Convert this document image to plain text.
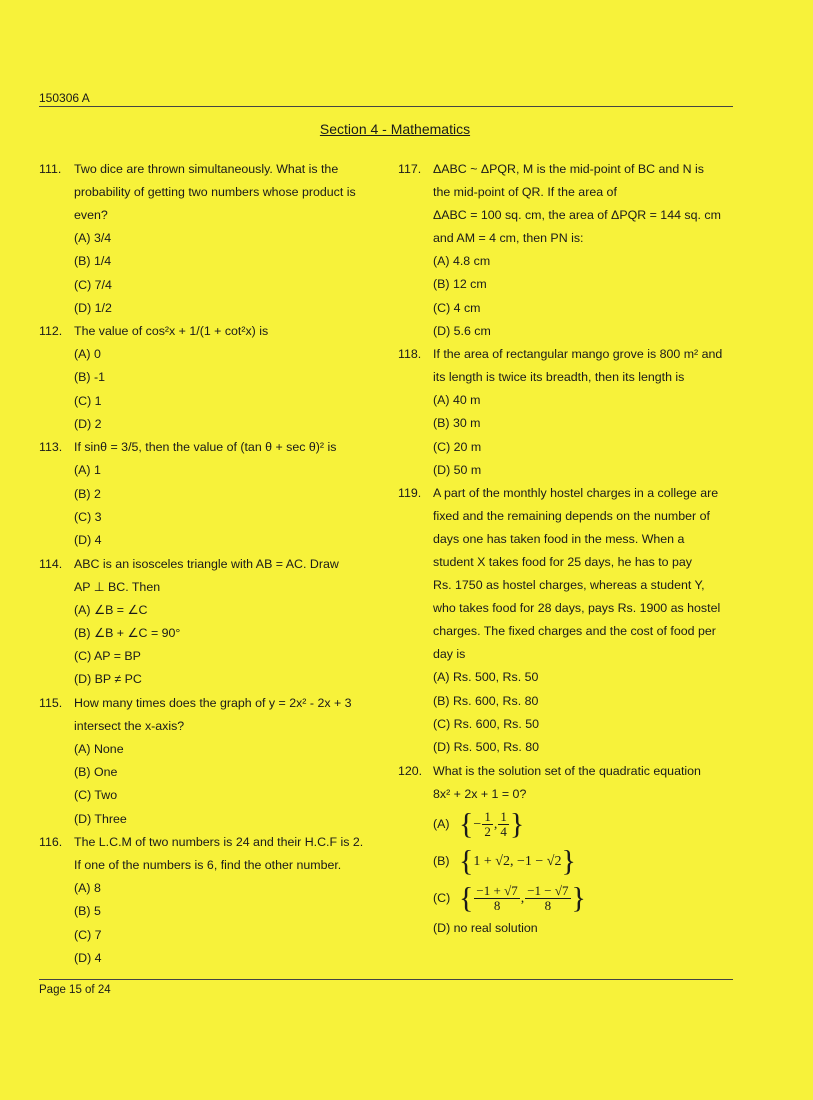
150306 A
Section 4 - Mathematics
111.	Two dice are thrown simultaneously. What is the
probability of getting two numbers whose product is
even?
(A) 3/4
(B) 1/4
(C) 7/4
(D) 1/2
112. The value of cos²x + 1/(1 + cot²x) is
(A) 0
(B) -1
(C) 1
(D) 2
113. If sinθ = 3/5, then the value of (tan θ + sec θ)² is
(A) 1
(B) 2
(C) 3
(D) 4
114. ABC is an isosceles triangle with AB = AC. Draw
AP ⊥ BC. Then
(A) ∠B = ∠C
(B) ∠B + ∠C = 90°
(C) AP = BP
(D) BP ≠ PC
115. How many times does the graph of y = 2x² - 2x + 3
intersect the x-axis?
(A) None
(B) One
(C) Two
(D) Three
116. The L.C.M of two numbers is 24 and their H.C.F is 2.
If one of the numbers is 6, find the other number.
(A) 8
(B) 5
(C) 7
(D) 4
117. ΔABC ~ ΔPQR, M is the mid-point of BC and N is
the mid-point of QR. If the area of
ΔABC = 100 sq. cm, the area of ΔPQR = 144 sq. cm
and AM = 4 cm, then PN is:
(A) 4.8 cm
(B) 12 cm
(C) 4 cm
(D) 5.6 cm
118. If the area of rectangular mango grove is 800 m² and
its length is twice its breadth, then its length is
(A) 40 m
(B) 30 m
(C) 20 m
(D) 50 m
119. A part of the monthly hostel charges in a college are
fixed and the remaining depends on the number of
days one has taken food in the mess. When a
student X takes food for 25 days, he has to pay
Rs. 1750 as hostel charges, whereas a student Y,
who takes food for 28 days, pays Rs. 1900 as hostel
charges. The fixed charges and the cost of food per
day is
(A) Rs. 500, Rs. 50
(B) Rs. 600, Rs. 80
(C) Rs. 600, Rs. 50
(D) Rs. 500, Rs. 80
120. What is the solution set of the quadratic equation
8x² + 2x + 1 = 0?
(A) {− $\frac{1}{2}$ , $\frac{1}{4}$ }
(B) {1 + √2, −1 − √2}
(C) { $\frac{-1 + √7}{8}$ , $\frac{-1 - √7}{8}$ }
(D) no real solution
Page 15 of 24
